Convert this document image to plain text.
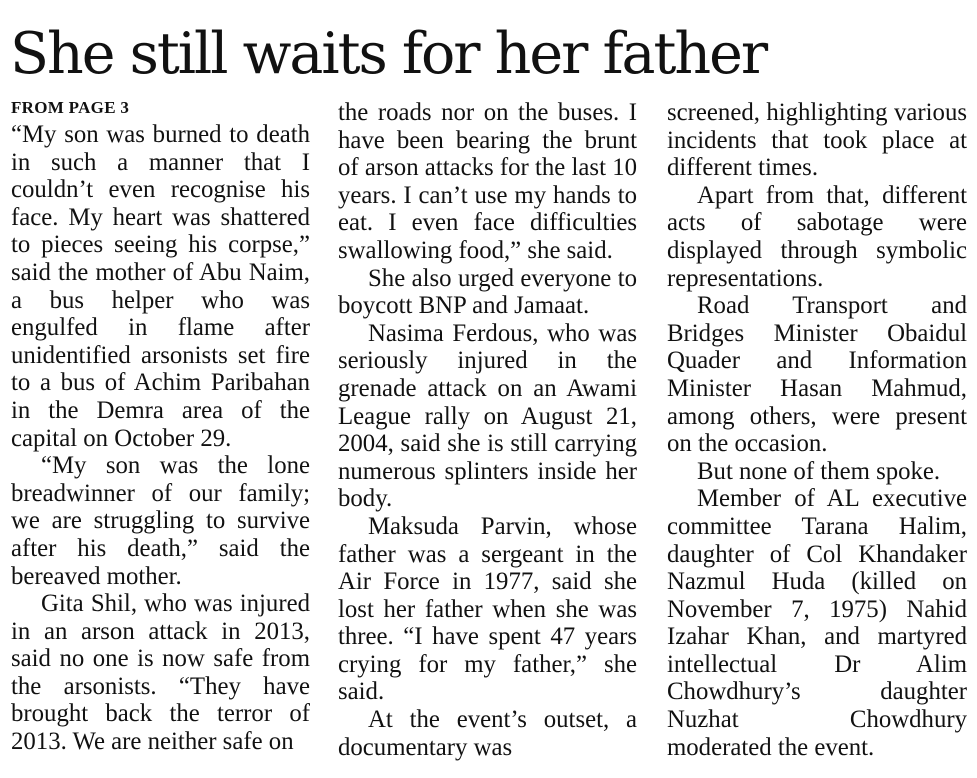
She still waits for her father
FROM PAGE 3

“My son was burned to death in such a manner that I couldn’t even recognise his face. My heart was shattered to pieces seeing his corpse,” said the mother of Abu Naim, a bus helper who was engulfed in flame after unidentified arsonists set fire to a bus of Achim Paribahan in the Demra area of the capital on October 29.

“My son was the lone breadwinner of our family; we are struggling to survive after his death,” said the bereaved mother.

Gita Shil, who was injured in an arson attack in 2013, said no one is now safe from the arsonists. “They have brought back the terror of 2013. We are neither safe on

the roads nor on the buses. I have been bearing the brunt of arson attacks for the last 10 years. I can’t use my hands to eat. I even face difficulties swallowing food,” she said.

She also urged everyone to boycott BNP and Jamaat.

Nasima Ferdous, who was seriously injured in the grenade attack on an Awami League rally on August 21, 2004, said she is still carrying numerous splinters inside her body.

Maksuda Parvin, whose father was a sergeant in the Air Force in 1977, said she lost her father when she was three. “I have spent 47 years crying for my father,” she said.

At the event’s outset, a documentary was

screened, highlighting various incidents that took place at different times.

Apart from that, different acts of sabotage were displayed through symbolic representations.

Road Transport and Bridges Minister Obaidul Quader and Information Minister Hasan Mahmud, among others, were present on the occasion.

But none of them spoke.

Member of AL executive committee Tarana Halim, daughter of Col Khandaker Nazmul Huda (killed on November 7, 1975) Nahid Izahar Khan, and martyred intellectual Dr Alim Chowdhury’s daughter Nuzhat Chowdhury moderated the event.
